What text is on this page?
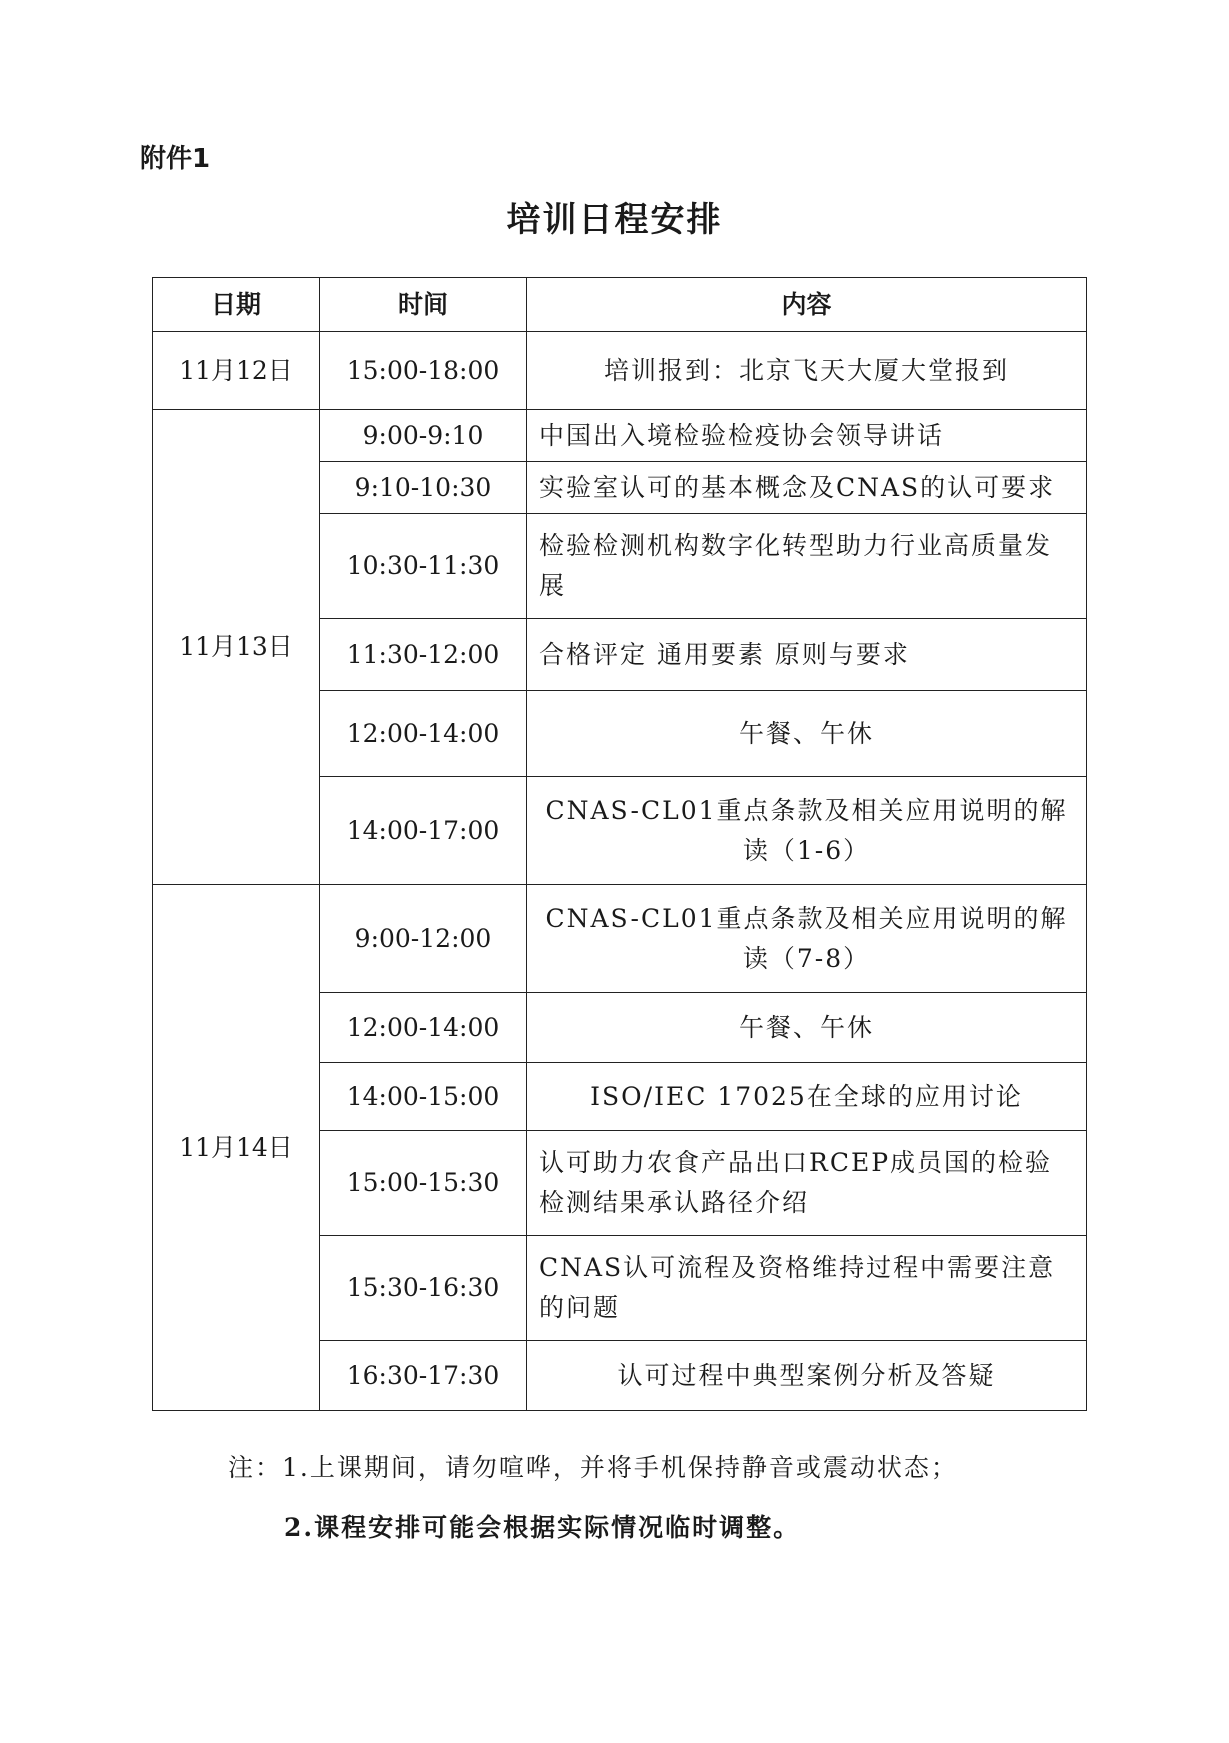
附件1
培训日程安排
日期	时间	内容
11月12日	15:00-18:00	培训报到：北京飞天大厦大堂报到
11月13日	9:00-9:10	中国出入境检验检疫协会领导讲话
	9:10-10:30	实验室认可的基本概念及CNAS的认可要求
	10:30-11:30	检验检测机构数字化转型助力行业高质量发展
	11:30-12:00	合格评定 通用要素 原则与要求
	12:00-14:00	午餐、午休
	14:00-17:00	CNAS-CL01重点条款及相关应用说明的解读（1-6）
11月14日	9:00-12:00	CNAS-CL01重点条款及相关应用说明的解读（7-8）
	12:00-14:00	午餐、午休
	14:00-15:00	ISO/IEC 17025在全球的应用讨论
	15:00-15:30	认可助力农食产品出口RCEP成员国的检验检测结果承认路径介绍
	15:30-16:30	CNAS认可流程及资格维持过程中需要注意的问题
	16:30-17:30	认可过程中典型案例分析及答疑
注：1.上课期间，请勿喧哗，并将手机保持静音或震动状态；
2.课程安排可能会根据实际情况临时调整。
